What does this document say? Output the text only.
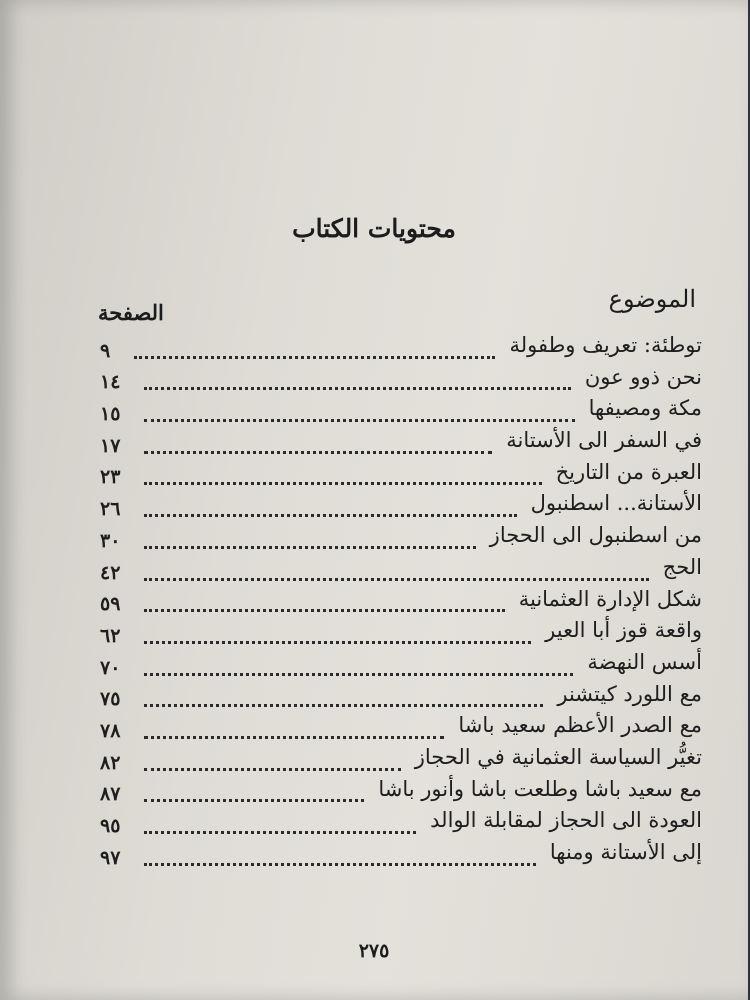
محتويات الكتاب
الموضوع
الصفحة
توطئة: تعريف وطفولة
٩
نحن ذوو عون
١٤
مكة ومصيفها
١٥
في السفر الى الأستانة
١٧
العبرة من التاريخ
٢٣
الأستانة... اسطنبول
٢٦
من اسطنبول الى الحجاز
٣٠
الحج
٤٢
شكل الإدارة العثمانية
٥٩
واقعة قوز أبا العير
٦٢
أسس النهضة
٧٠
مع اللورد كيتشنر
٧٥
مع الصدر الأعظم سعيد باشا
٧٨
تغيُّر السياسة العثمانية في الحجاز
٨٢
مع سعيد باشا وطلعت باشا وأنور باشا
٨٧
العودة الى الحجاز لمقابلة الوالد
٩٥
إلى الأستانة ومنها
٩٧
٢٧٥
